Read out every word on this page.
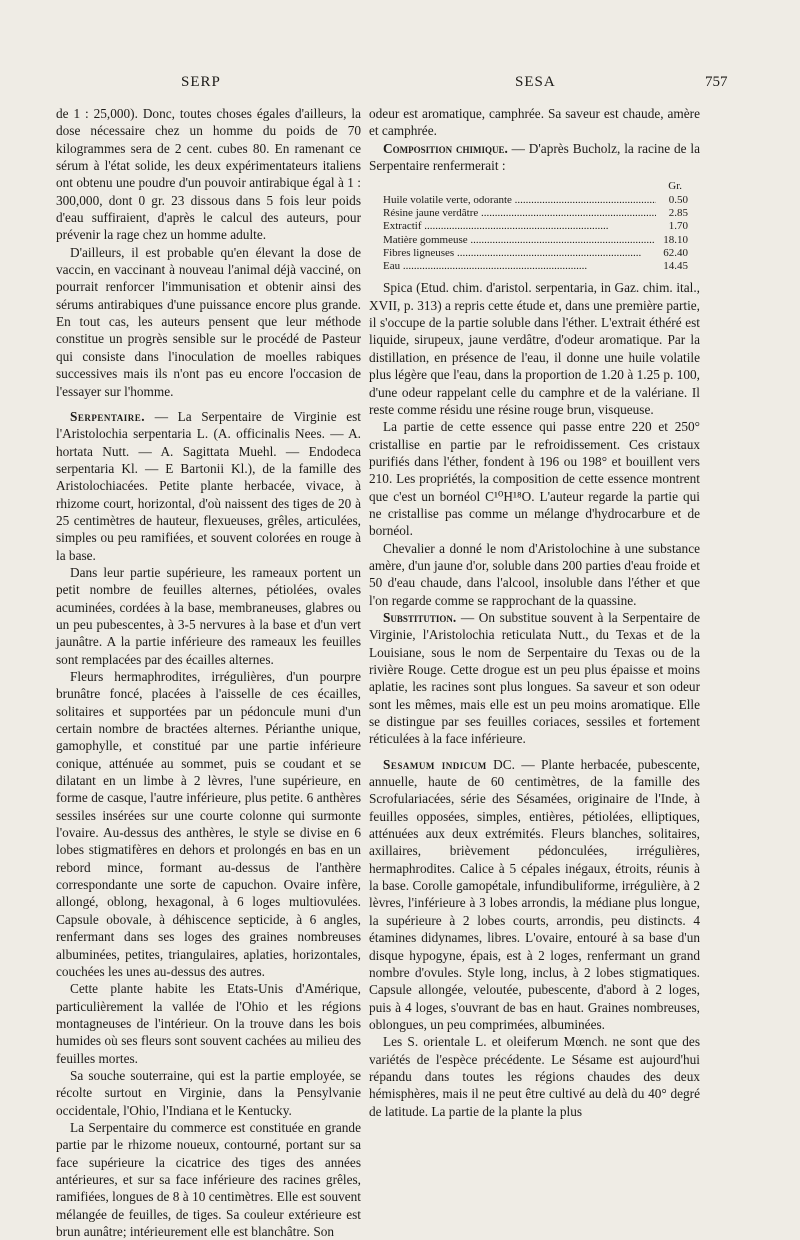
SERP	SESA	757

de 1 : 25,000). Donc, toutes choses égales d'ailleurs, la dose nécessaire chez un homme du poids de 70 kilogrammes sera de 2 cent. cubes 80. En ramenant ce sérum à l'état solide, les deux expérimentateurs italiens ont obtenu une poudre d'un pouvoir antirabique égal à 1 : 300,000, dont 0 gr. 23 dissous dans 5 fois leur poids d'eau suffiraient, d'après le calcul des auteurs, pour prévenir la rage chez un homme adulte.

D'ailleurs, il est probable qu'en élevant la dose de vaccin, en vaccinant à nouveau l'animal déjà vacciné, on pourrait renforcer l'immunisation et obtenir ainsi des sérums antirabiques d'une puissance encore plus grande. En tout cas, les auteurs pensent que leur méthode constitue un progrès sensible sur le procédé de Pasteur qui consiste dans l'inoculation de moelles rabiques successives mais ils n'ont pas eu encore l'occasion de l'essayer sur l'homme.

Serpentaire. — La Serpentaire de Virginie est l'Aristolochia serpentaria L. (A. officinalis Nees. — A. hortata Nutt. — A. Sagittata Muehl. — Endodeca serpentaria Kl. — E Bartonii Kl.), de la famille des Aristolochiacées. Petite plante herbacée, vivace, à rhizome court, horizontal, d'où naissent des tiges de 20 à 25 centimètres de hauteur, flexueuses, grêles, articulées, simples ou peu ramifiées, et souvent colorées en rouge à la base.

Dans leur partie supérieure, les rameaux portent un petit nombre de feuilles alternes, pétiolées, ovales acuminées, cordées à la base, membraneuses, glabres ou un peu pubescentes, à 3-5 nervures à la base et d'un vert jaunâtre. A la partie inférieure des rameaux les feuilles sont remplacées par des écailles alternes.

Fleurs hermaphrodites, irrégulières, d'un pourpre brunâtre foncé, placées à l'aisselle de ces écailles, solitaires et supportées par un pédoncule muni d'un certain nombre de bractées alternes. Périanthe unique, gamophylle, et constitué par une partie inférieure conique, atténuée au sommet, puis se coudant et se dilatant en un limbe à 2 lèvres, l'une supérieure, en forme de casque, l'autre inférieure, plus petite. 6 anthères sessiles insérées sur une courte colonne qui surmonte l'ovaire. Au-dessus des anthères, le style se divise en 6 lobes stigmatifères en dehors et prolongés en bas en un rebord mince, formant au-dessus de l'anthère correspondante une sorte de capuchon. Ovaire infère, allongé, oblong, hexagonal, à 6 loges multiovulées. Capsule obovale, à déhiscence septicide, à 6 angles, renfermant dans ses loges des graines nombreuses albuminées, petites, triangulaires, aplaties, horizontales, couchées les unes au-dessus des autres.

Cette plante habite les Etats-Unis d'Amérique, particulièrement la vallée de l'Ohio et les régions montagneuses de l'intérieur. On la trouve dans les bois humides où ses fleurs sont souvent cachées au milieu des feuilles mortes.

Sa souche souterraine, qui est la partie employée, se récolte surtout en Virginie, dans la Pensylvanie occidentale, l'Ohio, l'Indiana et le Kentucky.

La Serpentaire du commerce est constituée en grande partie par le rhizome noueux, contourné, portant sur sa face supérieure la cicatrice des tiges des années antérieures, et sur sa face inférieure des racines grêles, ramifiées, longues de 8 à 10 centimètres. Elle est souvent mélangée de feuilles, de tiges. Sa couleur extérieure est brun aunâtre; intérieurement elle est blanchâtre. Son

odeur est aromatique, camphrée. Sa saveur est chaude, amère et camphrée.

Composition chimique. — D'après Bucholz, la racine de la Serpentaire renfermerait :

Gr.
Huile volatile verte, odorante .....	0.50
Résine jaune verdâtre .....	2.85
Extractif .....	1.70
Matière gommeuse .....	18.10
Fibres ligneuses .....	62.40
Eau .....	14.45

Spica (Etud. chim. d'aristol. serpentaria, in Gaz. chim. ital., XVII, p. 313) a repris cette étude et, dans une première partie, il s'occupe de la partie soluble dans l'éther. L'extrait éthéré est liquide, sirupeux, jaune verdâtre, d'odeur aromatique. Par la distillation, en présence de l'eau, il donne une huile volatile plus légère que l'eau, dans la proportion de 1.20 à 1.25 p. 100, d'une odeur rappelant celle du camphre et de la valériane. Il reste comme résidu une résine rouge brun, visqueuse.

La partie de cette essence qui passe entre 220 et 250° cristallise en partie par le refroidissement. Ces cristaux purifiés dans l'éther, fondent à 196 ou 198° et bouillent vers 210. Les propriétés, la composition de cette essence montrent que c'est un bornéol C¹⁰H¹⁸O. L'auteur regarde la partie qui ne cristallise pas comme un mélange d'hydrocarbure et de bornéol.

Chevalier a donné le nom d'Aristolochine à une substance amère, d'un jaune d'or, soluble dans 200 parties d'eau froide et 50 d'eau chaude, dans l'alcool, insoluble dans l'éther et que l'on regarde comme se rapprochant de la quassine.

Substitution. — On substitue souvent à la Serpentaire de Virginie, l'Aristolochia reticulata Nutt., du Texas et de la Louisiane, sous le nom de Serpentaire du Texas ou de la rivière Rouge. Cette drogue est un peu plus épaisse et moins aplatie, les racines sont plus longues. Sa saveur et son odeur sont les mêmes, mais elle est un peu moins aromatique. Elle se distingue par ses feuilles coriaces, sessiles et fortement réticulées à la face inférieure.

Sesamum indicum DC. — Plante herbacée, pubescente, annuelle, haute de 60 centimètres, de la famille des Scrofulariacées, série des Sésamées, originaire de l'Inde, à feuilles opposées, simples, entières, pétiolées, elliptiques, atténuées aux deux extrémités. Fleurs blanches, solitaires, axillaires, brièvement pédonculées, irrégulières, hermaphrodites. Calice à 5 cépales inégaux, étroits, réunis à la base. Corolle gamopétale, infundibuliforme, irrégulière, à 2 lèvres, l'inférieure à 3 lobes arrondis, la médiane plus longue, la supérieure à 2 lobes courts, arrondis, peu distincts. 4 étamines didynames, libres. L'ovaire, entouré à sa base d'un disque hypogyne, épais, est à 2 loges, renfermant un grand nombre d'ovules. Style long, inclus, à 2 lobes stigmatiques. Capsule allongée, veloutée, pubescente, d'abord à 2 loges, puis à 4 loges, s'ouvrant de bas en haut. Graines nombreuses, oblongues, un peu comprimées, albuminées.

Les S. orientale L. et oleiferum Mœnch. ne sont que des variétés de l'espèce précédente. Le Sésame est aujourd'hui répandu dans toutes les régions chaudes des deux hémisphères, mais il ne peut être cultivé au delà du 40° degré de latitude. La partie de la plante la plus
